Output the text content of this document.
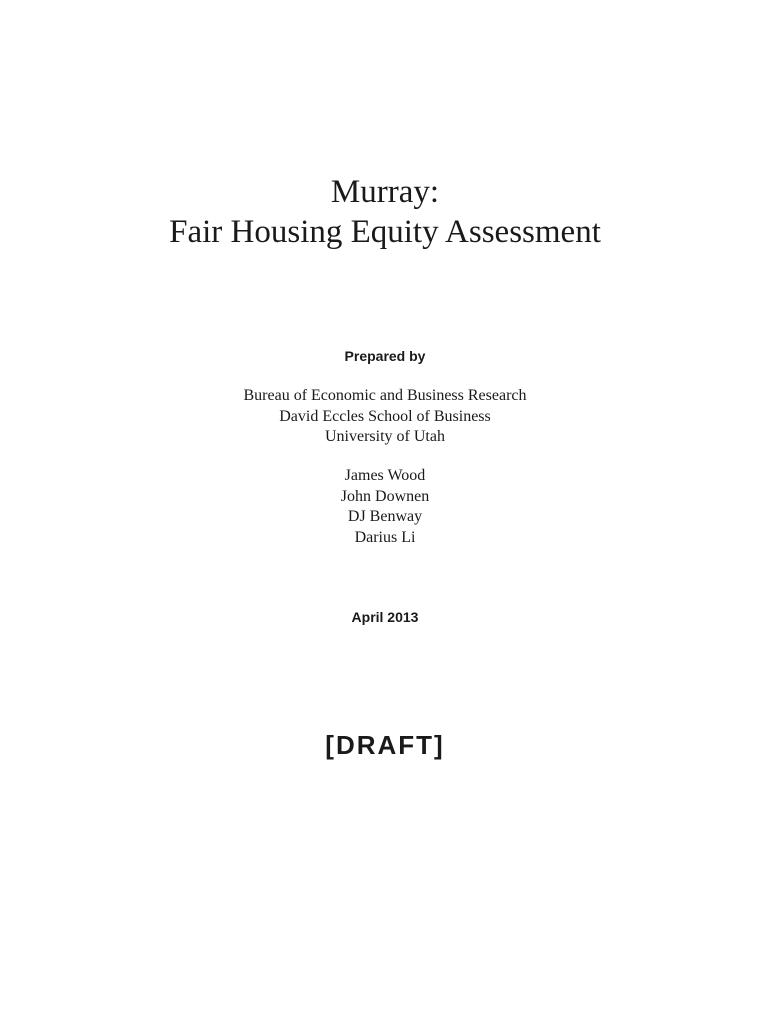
Murray:

Fair Housing Equity Assessment

Prepared by

Bureau of Economic and Business Research

David Eccles School of Business

University of Utah

James Wood

John Downen

DJ Benway

Darius Li

April 2013

[DRAFT]
